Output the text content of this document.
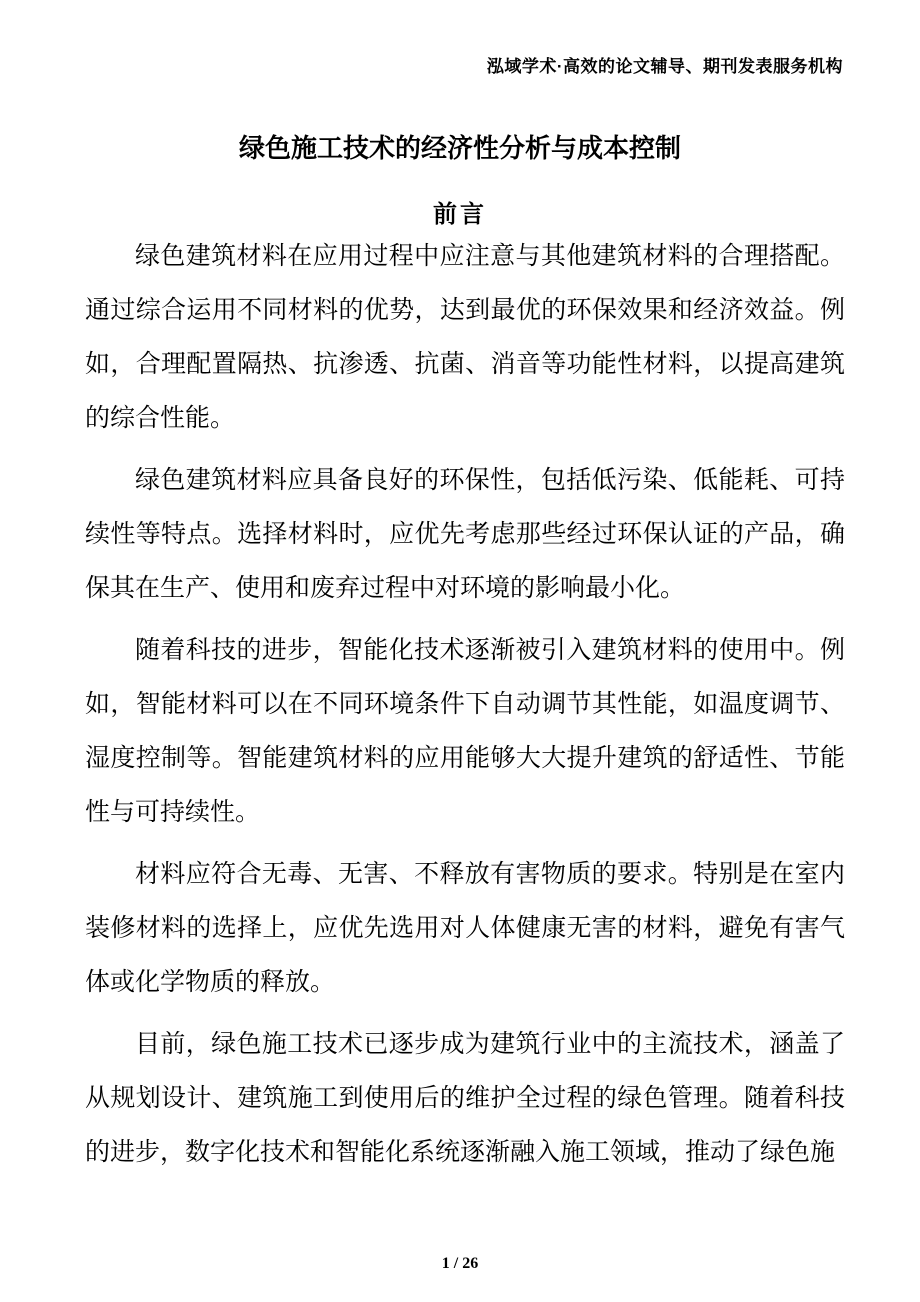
泓域学术·高效的论文辅导、期刊发表服务机构
绿色施工技术的经济性分析与成本控制
前言

绿色建筑材料在应用过程中应注意与其他建筑材料的合理搭配。通过综合运用不同材料的优势，达到最优的环保效果和经济效益。例如，合理配置隔热、抗渗透、抗菌、消音等功能性材料，以提高建筑的综合性能。

绿色建筑材料应具备良好的环保性，包括低污染、低能耗、可持续性等特点。选择材料时，应优先考虑那些经过环保认证的产品，确保其在生产、使用和废弃过程中对环境的影响最小化。

随着科技的进步，智能化技术逐渐被引入建筑材料的使用中。例如，智能材料可以在不同环境条件下自动调节其性能，如温度调节、湿度控制等。智能建筑材料的应用能够大大提升建筑的舒适性、节能性与可持续性。

材料应符合无毒、无害、不释放有害物质的要求。特别是在室内装修材料的选择上，应优先选用对人体健康无害的材料，避免有害气体或化学物质的释放。

目前，绿色施工技术已逐步成为建筑行业中的主流技术，涵盖了从规划设计、建筑施工到使用后的维护全过程的绿色管理。随着科技的进步，数字化技术和智能化系统逐渐融入施工领域，推动了绿色施

1 / 26
